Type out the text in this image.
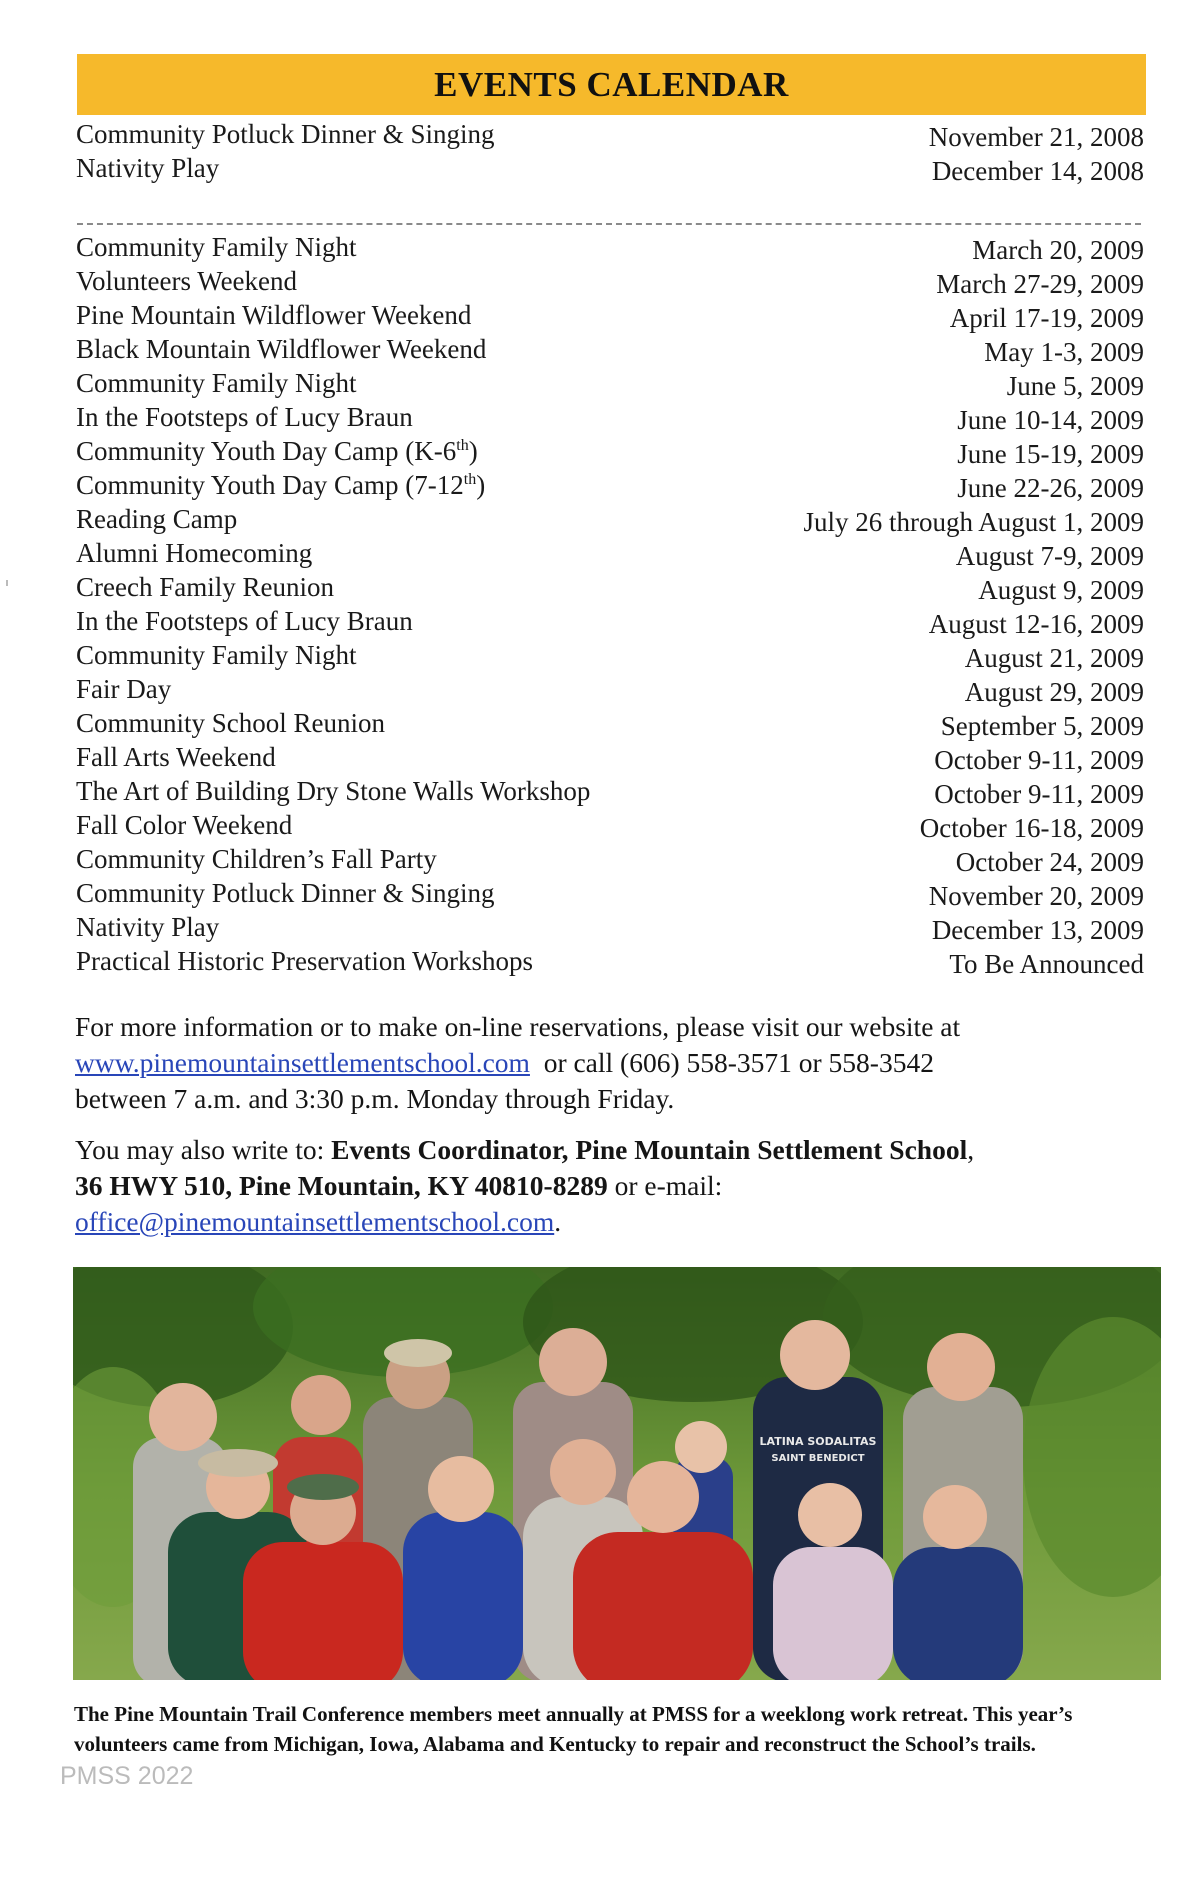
EVENTS CALENDAR
Community Potluck Dinner & Singing	November 21, 2008
Nativity Play	December 14, 2008
Community Family Night	March 20, 2009
Volunteers Weekend	March 27-29, 2009
Pine Mountain Wildflower Weekend	April 17-19, 2009
Black Mountain Wildflower Weekend	May 1-3, 2009
Community Family Night	June 5, 2009
In the Footsteps of Lucy Braun	June 10-14, 2009
Community Youth Day Camp (K-6th)	June 15-19, 2009
Community Youth Day Camp (7-12th)	June 22-26, 2009
Reading Camp	July 26 through August 1, 2009
Alumni Homecoming	August 7-9, 2009
Creech Family Reunion	August 9, 2009
In the Footsteps of Lucy Braun	August 12-16, 2009
Community Family Night	August 21, 2009
Fair Day	August 29, 2009
Community School Reunion	September 5, 2009
Fall Arts Weekend	October 9-11, 2009
The Art of Building Dry Stone Walls Workshop	October 9-11, 2009
Fall Color Weekend	October 16-18, 2009
Community Children’s Fall Party	October 24, 2009
Community Potluck Dinner & Singing	November 20, 2009
Nativity Play	December 13, 2009
Practical Historic Preservation Workshops	To Be Announced
For more information or to make on-line reservations, please visit our website at
www.pinemountainsettlementschool.com or call (606) 558-3571 or 558-3542
between 7 a.m. and 3:30 p.m. Monday through Friday.
You may also write to: Events Coordinator, Pine Mountain Settlement School,
36 HWY 510, Pine Mountain, KY 40810-8289 or e-mail:
office@pinemountainsettlementschool.com.
LATINA SODALITAS
SAINT BENEDICT
The Pine Mountain Trail Conference members meet annually at PMSS for a weeklong work retreat. This year’s volunteers came from Michigan, Iowa, Alabama and Kentucky to repair and reconstruct the School’s trails.
PMSS 2022
